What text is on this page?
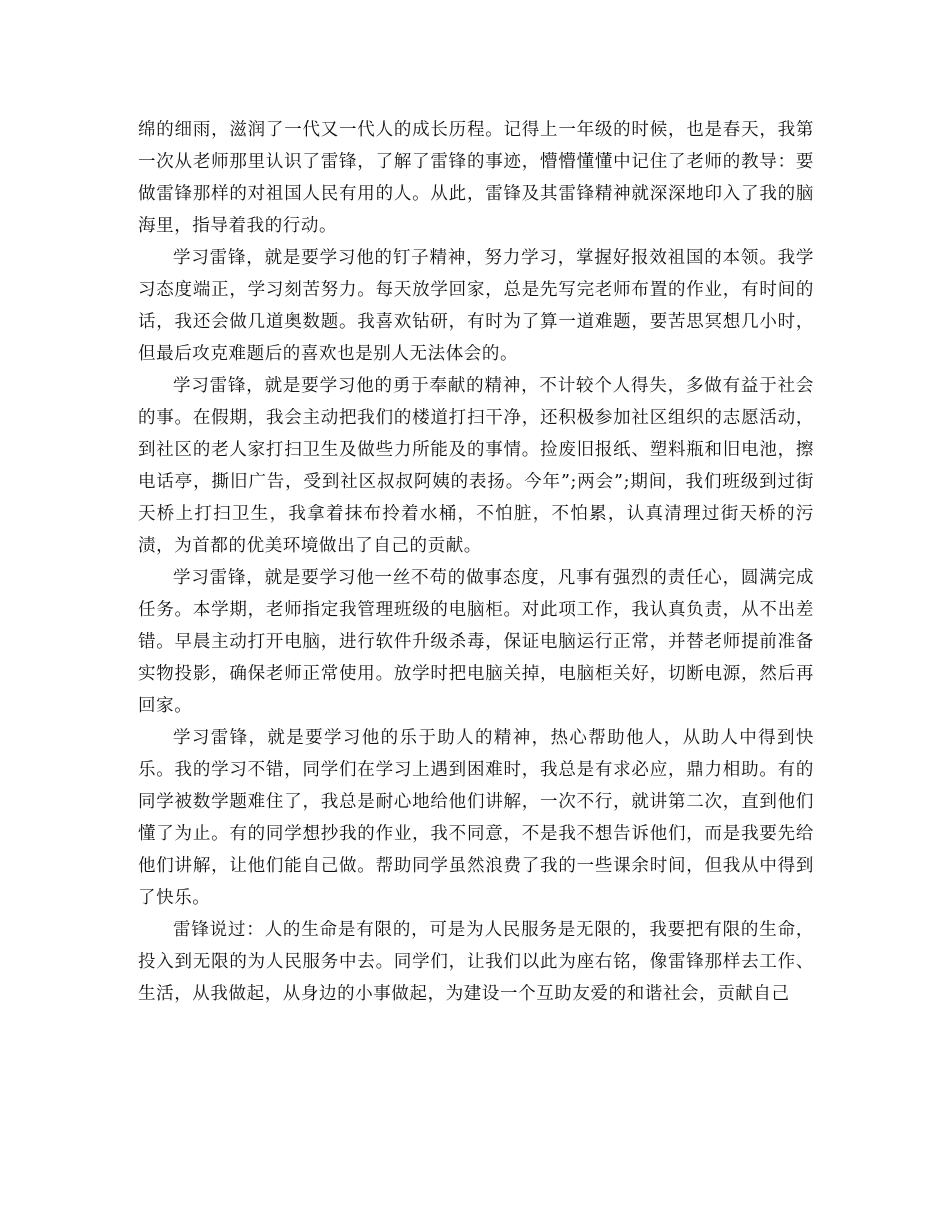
绵的细雨，滋润了一代又一代人的成长历程。记得上一年级的时候，也是春天，我第一次从老师那里认识了雷锋，了解了雷锋的事迹，懵懵懂懂中记住了老师的教导：要做雷锋那样的对祖国人民有用的人。从此，雷锋及其雷锋精神就深深地印入了我的脑海里，指导着我的行动。

学习雷锋，就是要学习他的钉子精神，努力学习，掌握好报效祖国的本领。我学习态度端正，学习刻苦努力。每天放学回家，总是先写完老师布置的作业，有时间的话，我还会做几道奥数题。我喜欢钻研，有时为了算一道难题，要苦思冥想几小时，但最后攻克难题后的喜欢也是别人无法体会的。

学习雷锋，就是要学习他的勇于奉献的精神，不计较个人得失，多做有益于社会的事。在假期，我会主动把我们的楼道打扫干净，还积极参加社区组织的志愿活动，到社区的老人家打扫卫生及做些力所能及的事情。捡废旧报纸、塑料瓶和旧电池，擦电话亭，撕旧广告，受到社区叔叔阿姨的表扬。今年”;两会”;期间，我们班级到过街天桥上打扫卫生，我拿着抹布拎着水桶，不怕脏，不怕累，认真清理过街天桥的污渍，为首都的优美环境做出了自己的贡献。

学习雷锋，就是要学习他一丝不苟的做事态度，凡事有强烈的责任心，圆满完成任务。本学期，老师指定我管理班级的电脑柜。对此项工作，我认真负责，从不出差错。早晨主动打开电脑，进行软件升级杀毒，保证电脑运行正常，并替老师提前准备实物投影，确保老师正常使用。放学时把电脑关掉，电脑柜关好，切断电源，然后再回家。

学习雷锋，就是要学习他的乐于助人的精神，热心帮助他人，从助人中得到快乐。我的学习不错，同学们在学习上遇到困难时，我总是有求必应，鼎力相助。有的同学被数学题难住了，我总是耐心地给他们讲解，一次不行，就讲第二次，直到他们懂了为止。有的同学想抄我的作业，我不同意，不是我不想告诉他们，而是我要先给他们讲解，让他们能自己做。帮助同学虽然浪费了我的一些课余时间，但我从中得到了快乐。

雷锋说过：人的生命是有限的，可是为人民服务是无限的，我要把有限的生命，投入到无限的为人民服务中去。同学们，让我们以此为座右铭，像雷锋那样去工作、生活，从我做起，从身边的小事做起，为建设一个互助友爱的和谐社会，贡献自己
